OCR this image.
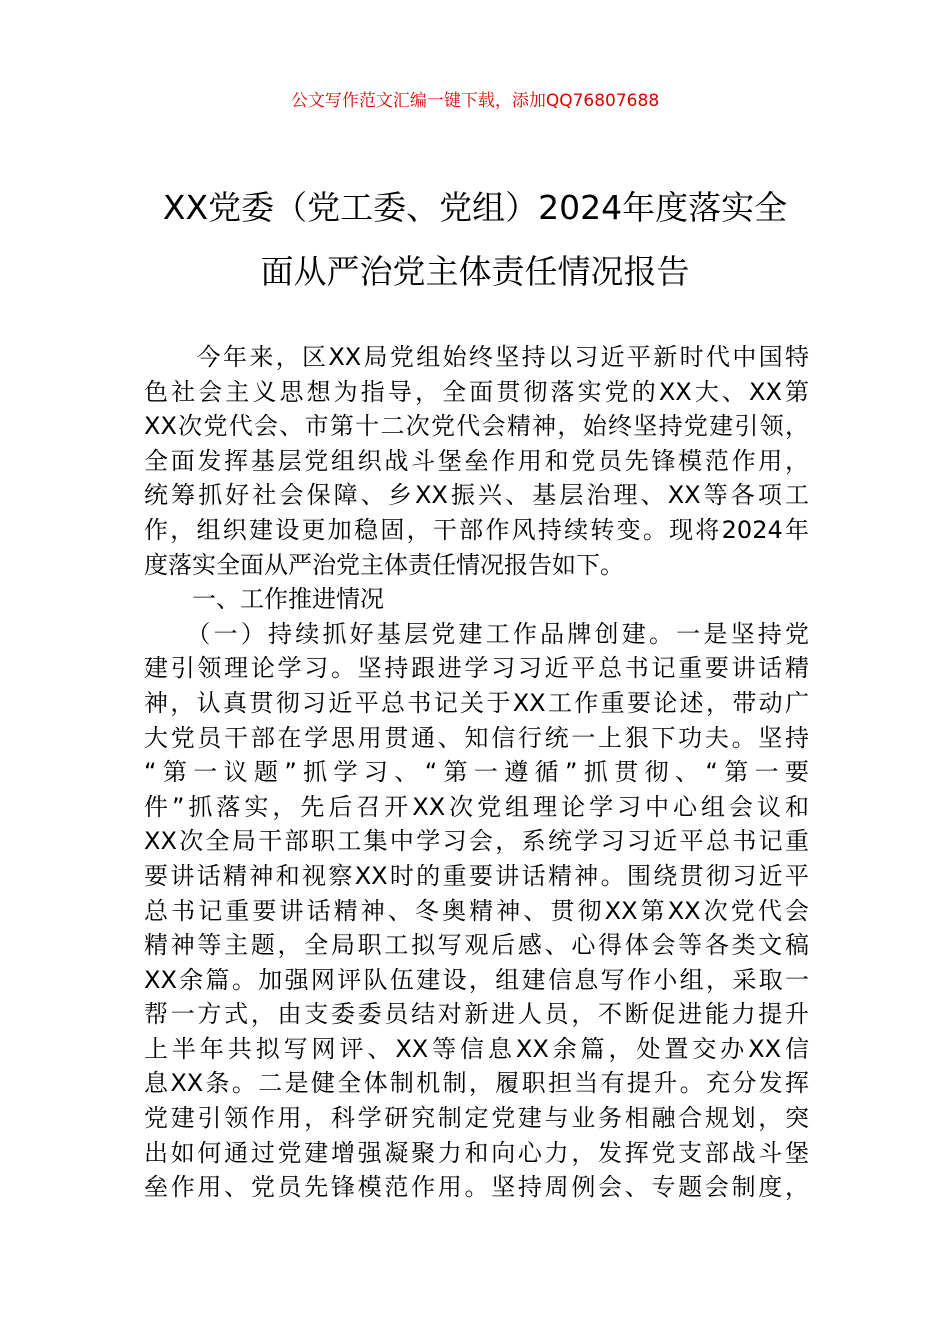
公文写作范文汇编一键下载，添加QQ76807688
XX党委（党工委、党组）2024年度落实全
面从严治党主体责任情况报告
　　今年来，区XX局党组始终坚持以习近平新时代中国特
色社会主义思想为指导，全面贯彻落实党的XX大、XX第
XX次党代会、市第十二次党代会精神，始终坚持党建引领，
全面发挥基层党组织战斗堡垒作用和党员先锋模范作用，
统筹抓好社会保障、乡XX振兴、基层治理、XX等各项工
作，组织建设更加稳固，干部作风持续转变。现将2024年
度落实全面从严治党主体责任情况报告如下。
　　一、工作推进情况
　　（一）持续抓好基层党建工作品牌创建。一是坚持党
建引领理论学习。坚持跟进学习习近平总书记重要讲话精
神，认真贯彻习近平总书记关于XX工作重要论述，带动广
大党员干部在学思用贯通、知信行统一上狠下功夫。坚持
“第一议题”抓学习、“第一遵循”抓贯彻、“第一要
件”抓落实，先后召开XX次党组理论学习中心组会议和
XX次全局干部职工集中学习会，系统学习习近平总书记重
要讲话精神和视察XX时的重要讲话精神。围绕贯彻习近平
总书记重要讲话精神、冬奥精神、贯彻XX第XX次党代会
精神等主题，全局职工拟写观后感、心得体会等各类文稿
XX余篇。加强网评队伍建设，组建信息写作小组，采取一
帮一方式，由支委委员结对新进人员，不断促进能力提升
上半年共拟写网评、XX等信息XX余篇，处置交办XX信
息XX条。二是健全体制机制，履职担当有提升。充分发挥
党建引领作用，科学研究制定党建与业务相融合规划，突
出如何通过党建增强凝聚力和向心力，发挥党支部战斗堡
垒作用、党员先锋模范作用。坚持周例会、专题会制度，
